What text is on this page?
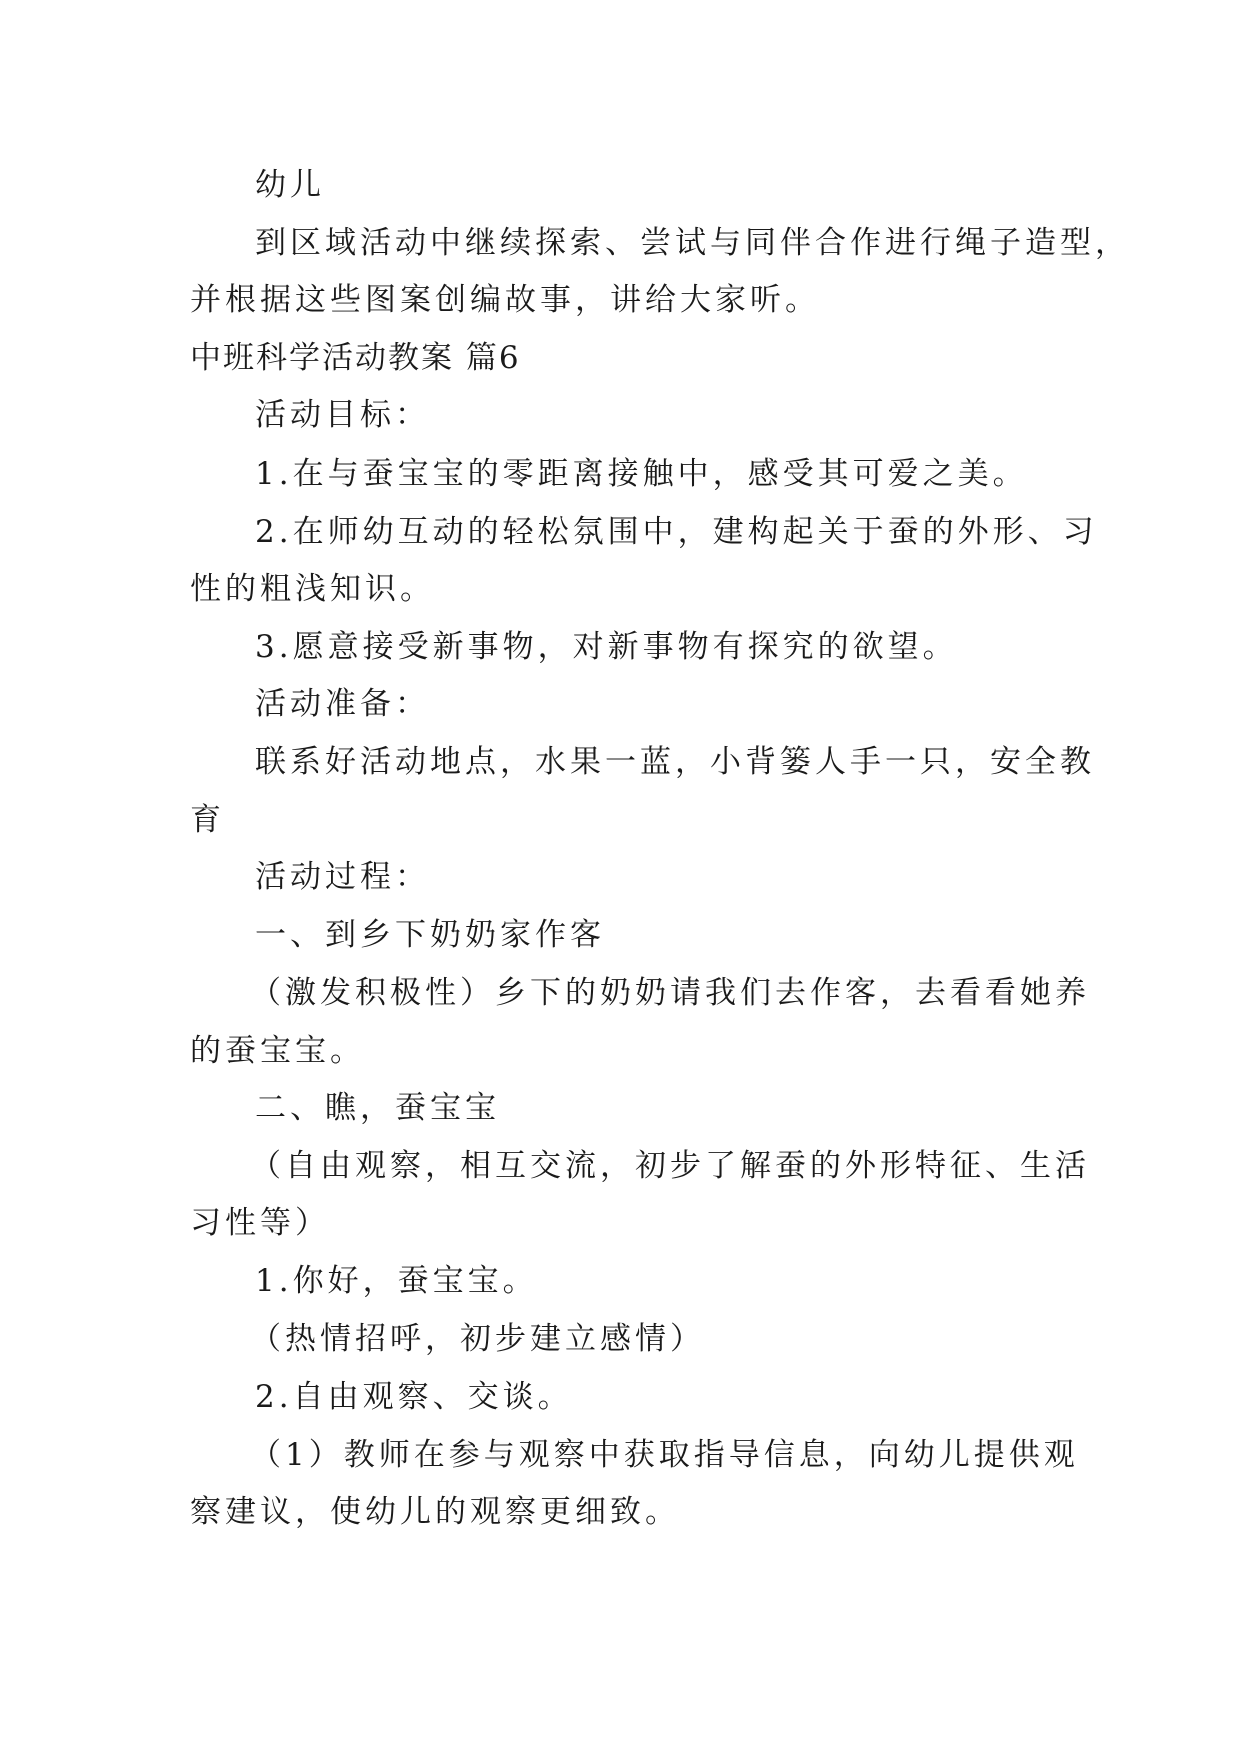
幼儿
到区域活动中继续探索、尝试与同伴合作进行绳子造型，
并根据这些图案创编故事，讲给大家听。
中班科学活动教案 篇6
活动目标：
1.在与蚕宝宝的零距离接触中，感受其可爱之美。
2.在师幼互动的轻松氛围中，建构起关于蚕的外形、习
性的粗浅知识。
3.愿意接受新事物，对新事物有探究的欲望。
活动准备：
联系好活动地点，水果一蓝，小背篓人手一只，安全教
育
活动过程：
一、到乡下奶奶家作客
（激发积极性）乡下的奶奶请我们去作客，去看看她养
的蚕宝宝。
二、瞧，蚕宝宝
（自由观察，相互交流，初步了解蚕的外形特征、生活
习性等）
1.你好，蚕宝宝。
（热情招呼，初步建立感情）
2.自由观察、交谈。
（1）教师在参与观察中获取指导信息，向幼儿提供观
察建议，使幼儿的观察更细致。
